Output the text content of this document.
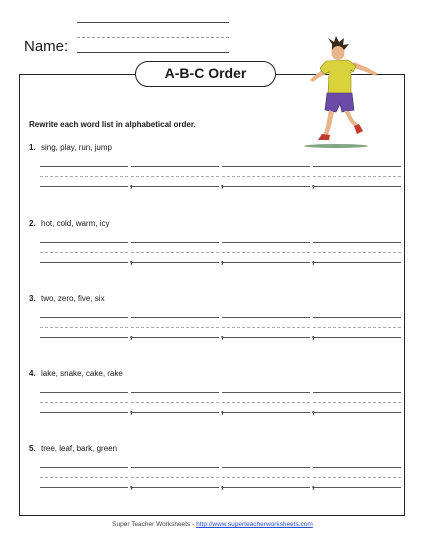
Name:
A-B-C Order
Rewrite each word list in alphabetical order.
1. sing, play, run, jump
2. hot, cold, warm, icy
3. two, zero, five, six
4. lake, snake, cake, rake
5. tree, leaf, bark, green
,	,	,
,	,	,
,	,	,
,	,	,
,	,	,
Super Teacher Worksheets - http://www.superteacherworksheets.com
